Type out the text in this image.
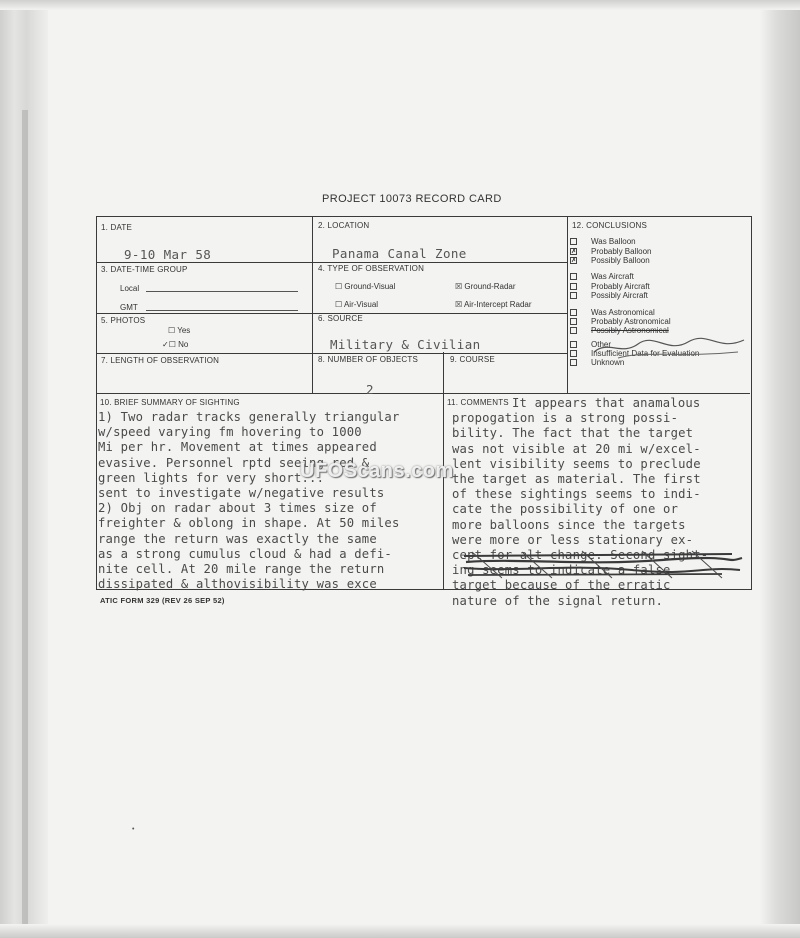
PROJECT 10073 RECORD CARD
1. DATE
9-10 Mar 58
2. LOCATION
Panama Canal Zone
3. DATE-TIME GROUP
Local
GMT
4. TYPE OF OBSERVATION
☐ Ground-Visual	☒ Ground-Radar
☐ Air-Visual	☒ Air-Intercept Radar
5. PHOTOS
☐ Yes
✓☐ No
6. SOURCE
Military & Civilian
7. LENGTH OF OBSERVATION	8. NUMBER OF OBJECTS
2
9. COURSE
12. CONCLUSIONS
Was Balloon
✗ Probably Balloon
✗ Possibly Balloon
Was Aircraft
Probably Aircraft
Possibly Aircraft
Was Astronomical
Probably Astronomical
Possibly Astronomical
Other
Insufficient Data for Evaluation
Unknown
10. BRIEF SUMMARY OF SIGHTING
1) Two radar tracks generally triangular
w/speed varying fm hovering to 1000
Mi per hr. Movement at times appeared
evasive. Personnel rptd seeing red &
green lights for very short...
sent to investigate w/negative results
2) Obj on radar about 3 times size of
freighter & oblong in shape. At 50 miles
range the return was exactly the same
as a strong cumulus cloud & had a defi-
nite cell. At 20 mile range the return
dissipated & althovisibility was exce
11. COMMENTS It appears that anamalous
propogation is a strong possi-
bility. The fact that the target
was not visible at 20 mi w/excel-
lent visibility seems to preclude
the target as material. The first
of these sightings seems to indi-
cate the possibility of one or
more balloons since the targets
were more or less stationary ex-
cept for alt change. Second sight-
ing seems to indicate a false
target because of the erratic
nature of the signal return.
ATIC FORM 329 (REV 26 SEP 52)
UFOScans.com
•
